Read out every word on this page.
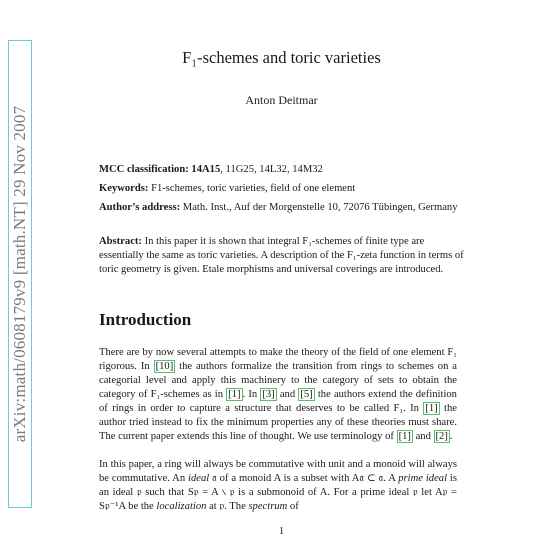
arXiv:math/0608179v9 [math.NT] 29 Nov 2007
F₁-schemes and toric varieties
Anton Deitmar
MCC classification: 14A15, 11G25, 14L32, 14M32
Keywords: F1-schemes, toric varieties, field of one element
Author’s address: Math. Inst., Auf der Morgenstelle 10, 72076 Tübingen, Germany
Abstract: In this paper it is shown that integral F₁-schemes of finite type are essentially the same as toric varieties. A description of the F₁-zeta function in terms of toric geometry is given. Etale morphisms and universal coverings are introduced.
Introduction
There are by now several attempts to make the theory of the field of one element F₁ rigorous. In [10] the authors formalize the transition from rings to schemes on a categorial level and apply this machinery to the category of sets to obtain the category of F₁-schemes as in [1] . In [3] and [5] the authors extend the definition of rings in order to capture a structure that deserves to be called F₁. In [1] the author tried instead to fix the minimum properties any of these theories must share. The current paper extends this line of thought. We use terminology of [1] and [2] .
In this paper, a ring will always be commutative with unit and a monoid will always be commutative. An ideal 𝔞 of a monoid A is a subset with A𝔞 ⊂ 𝔞. A prime ideal is an ideal 𝔭 such that S𝔭 = A ∖ 𝔭 is a submonoid of A. For a prime ideal 𝔭 let A𝔭 = S𝔭⁻¹A be the localization at 𝔭. The spectrum of
1
